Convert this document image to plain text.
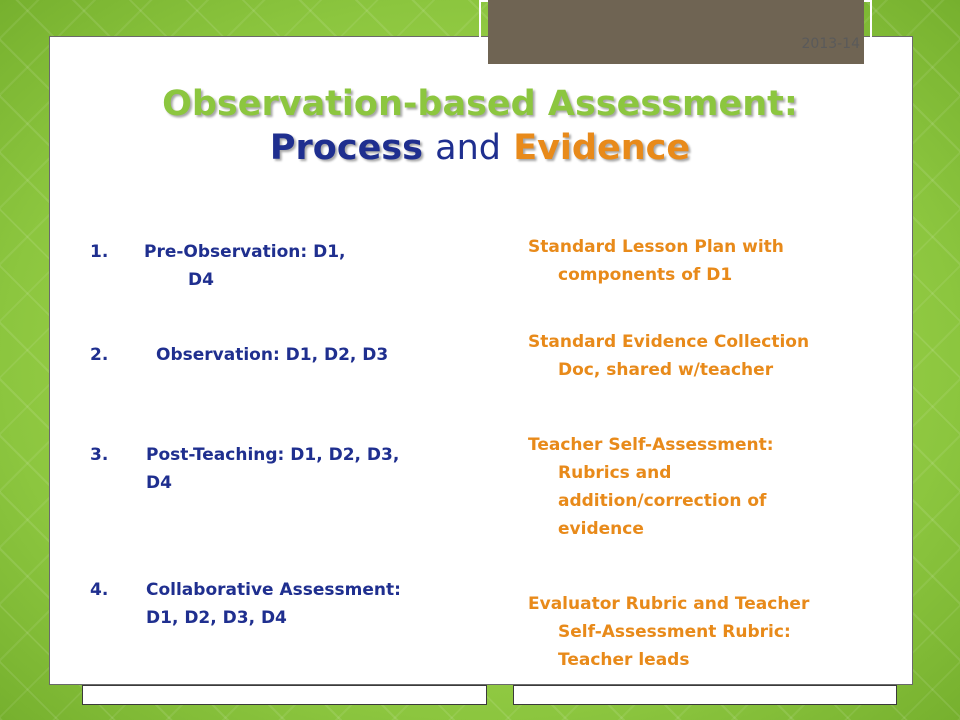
2013-14
Observation-based Assessment:
Process and Evidence
1. Pre-Observation: D1,
D4
2.	Observation: D1, D2, D3
3. Post-Teaching: D1, D2, D3,
D4
4. Collaborative Assessment:
D1, D2, D3, D4
Standard Lesson Plan with
components of D1
Standard Evidence Collection
Doc, shared w/teacher
Teacher Self-Assessment:
Rubrics and
addition/correction of
evidence
Evaluator Rubric and Teacher
Self-Assessment Rubric:
Teacher leads
